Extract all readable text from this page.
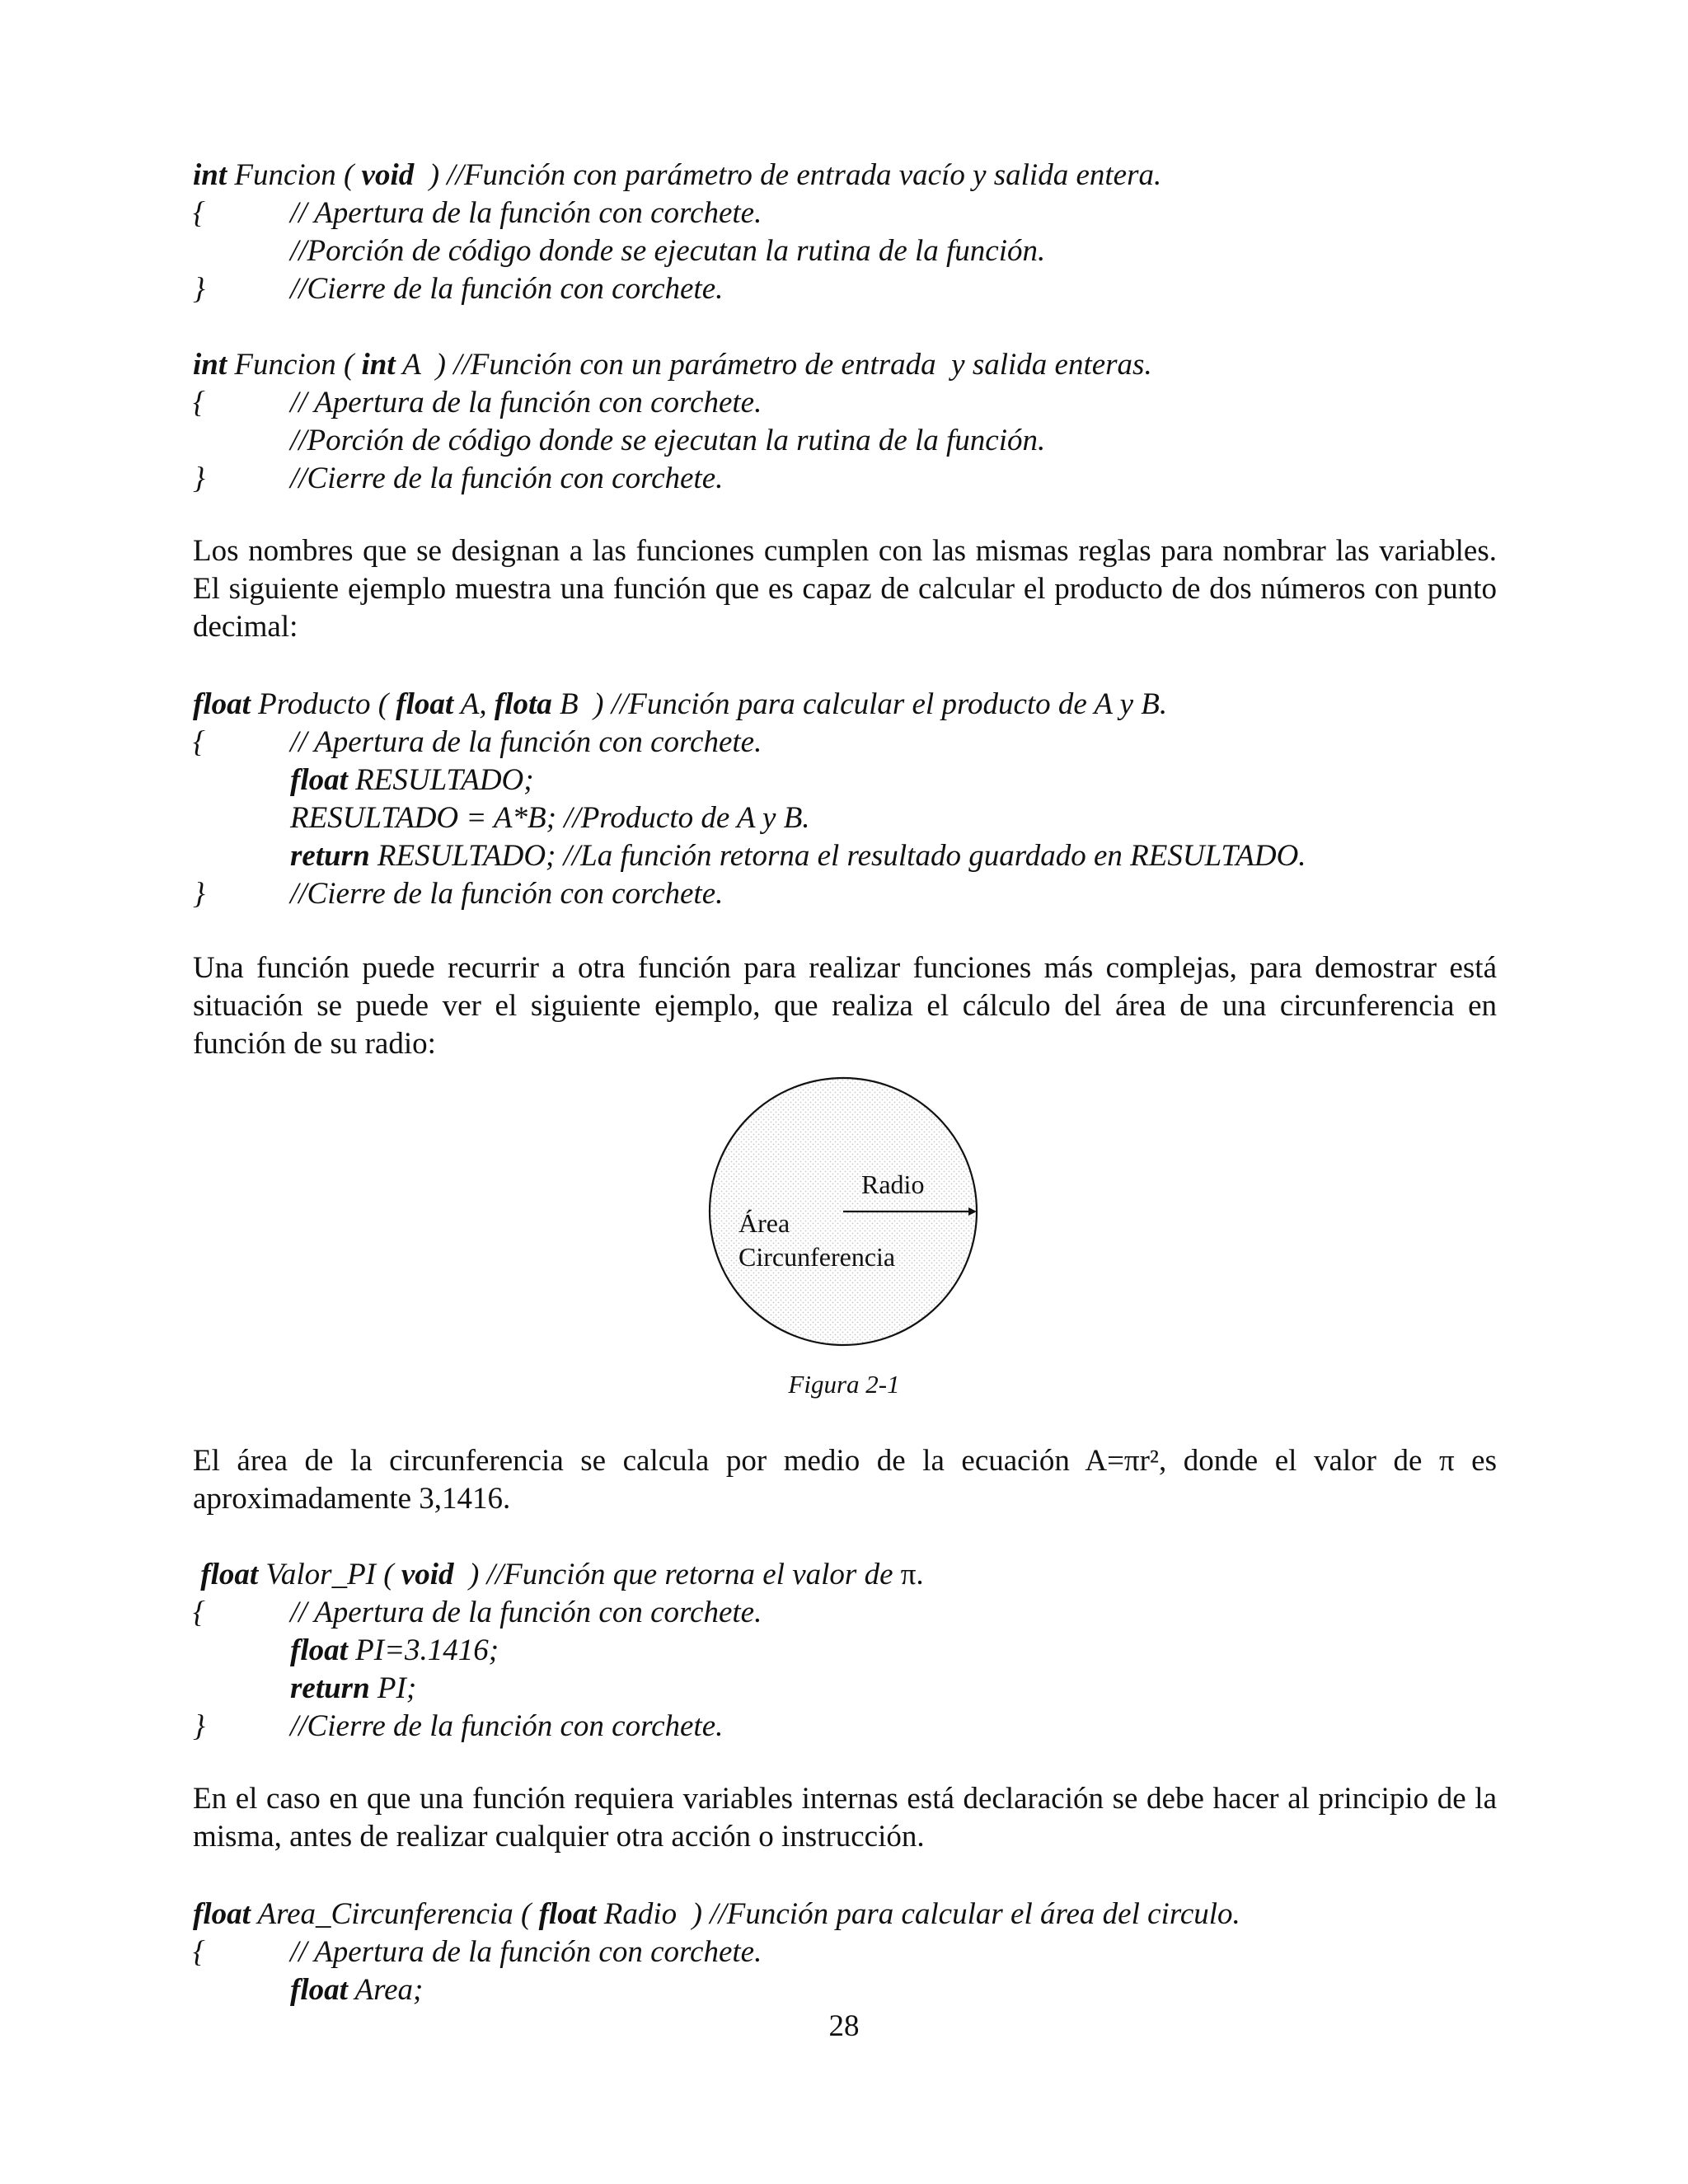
int Funcion ( void  ) //Función con parámetro de entrada vacío y salida entera.
{	// Apertura de la función con corchete.
//Porción de código donde se ejecutan la rutina de la función.
}	//Cierre de la función con corchete.
int Funcion ( int A  ) //Función con un parámetro de entrada  y salida enteras.
{	// Apertura de la función con corchete.
//Porción de código donde se ejecutan la rutina de la función.
}	//Cierre de la función con corchete.

Los nombres que se designan a las funciones cumplen con las mismas reglas para nombrar las variables. El siguiente ejemplo muestra una función que es capaz de calcular el producto de dos números con punto decimal:

float Producto ( float A, flota B  ) //Función para calcular el producto de A y B.
{	// Apertura de la función con corchete.
float RESULTADO;
RESULTADO = A*B; //Producto de A y B.
return RESULTADO; //La función retorna el resultado guardado en RESULTADO.
}	//Cierre de la función con corchete.

Una función puede recurrir a otra función para realizar funciones más complejas, para demostrar está situación se puede ver el siguiente ejemplo, que realiza el cálculo del área de una circunferencia en función de su radio:

Radio
Área
Circunferencia
Figura 2-1

El área de la circunferencia se calcula por medio de la ecuación A=πr², donde el valor de π es aproximadamente 3,1416.

float Valor_PI ( void  ) //Función que retorna el valor de π.
{	// Apertura de la función con corchete.
float PI=3.1416;
return PI;
}	//Cierre de la función con corchete.

En el caso en que una función requiera variables internas está declaración se debe hacer al principio de la misma, antes de realizar cualquier otra acción o instrucción.

float Area_Circunferencia ( float Radio  ) //Función para calcular el área del circulo.
{	// Apertura de la función con corchete.
float Area;
28
